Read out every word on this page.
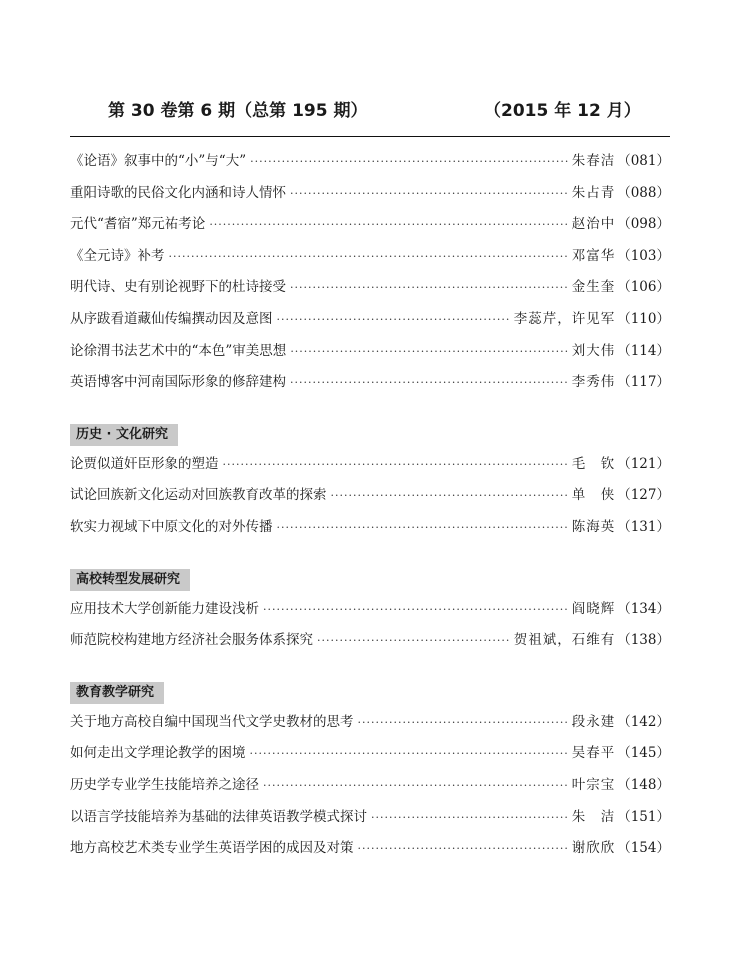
第 30 卷第 6 期（总第 195 期）	（2015 年 12 月）
《论语》叙事中的“小”与“大” ·····	朱春洁 （081）
重阳诗歌的民俗文化内涵和诗人情怀 ·····	朱占青 （088）
元代“耆宿”郑元祐考论 ·····	赵治中 （098）
《全元诗》补考 ·····	邓富华 （103）
明代诗、史有别论视野下的杜诗接受 ·····	金生奎 （106）
从序跋看道藏仙传编撰动因及意图 ·····	李蕊芹，许见军 （110）
论徐渭书法艺术中的“本色”审美思想 ·····	刘大伟 （114）
英语博客中河南国际形象的修辞建构 ·····	李秀伟 （117）
历史 · 文化研究
论贾似道奸臣形象的塑造 ·····	毛　钦 （121）
试论回族新文化运动对回族教育改革的探索 ·····	单　侠 （127）
软实力视域下中原文化的对外传播 ·····	陈海英 （131）
高校转型发展研究
应用技术大学创新能力建设浅析 ·····	阎晓辉 （134）
师范院校构建地方经济社会服务体系探究 ·····	贺祖斌，石维有 （138）
教育教学研究
关于地方高校自编中国现当代文学史教材的思考 ·····	段永建 （142）
如何走出文学理论教学的困境 ·····	吴春平 （145）
历史学专业学生技能培养之途径 ·····	叶宗宝 （148）
以语言学技能培养为基础的法律英语教学模式探讨 ·····	朱　洁 （151）
地方高校艺术类专业学生英语学困的成因及对策 ·····	谢欣欣 （154）
